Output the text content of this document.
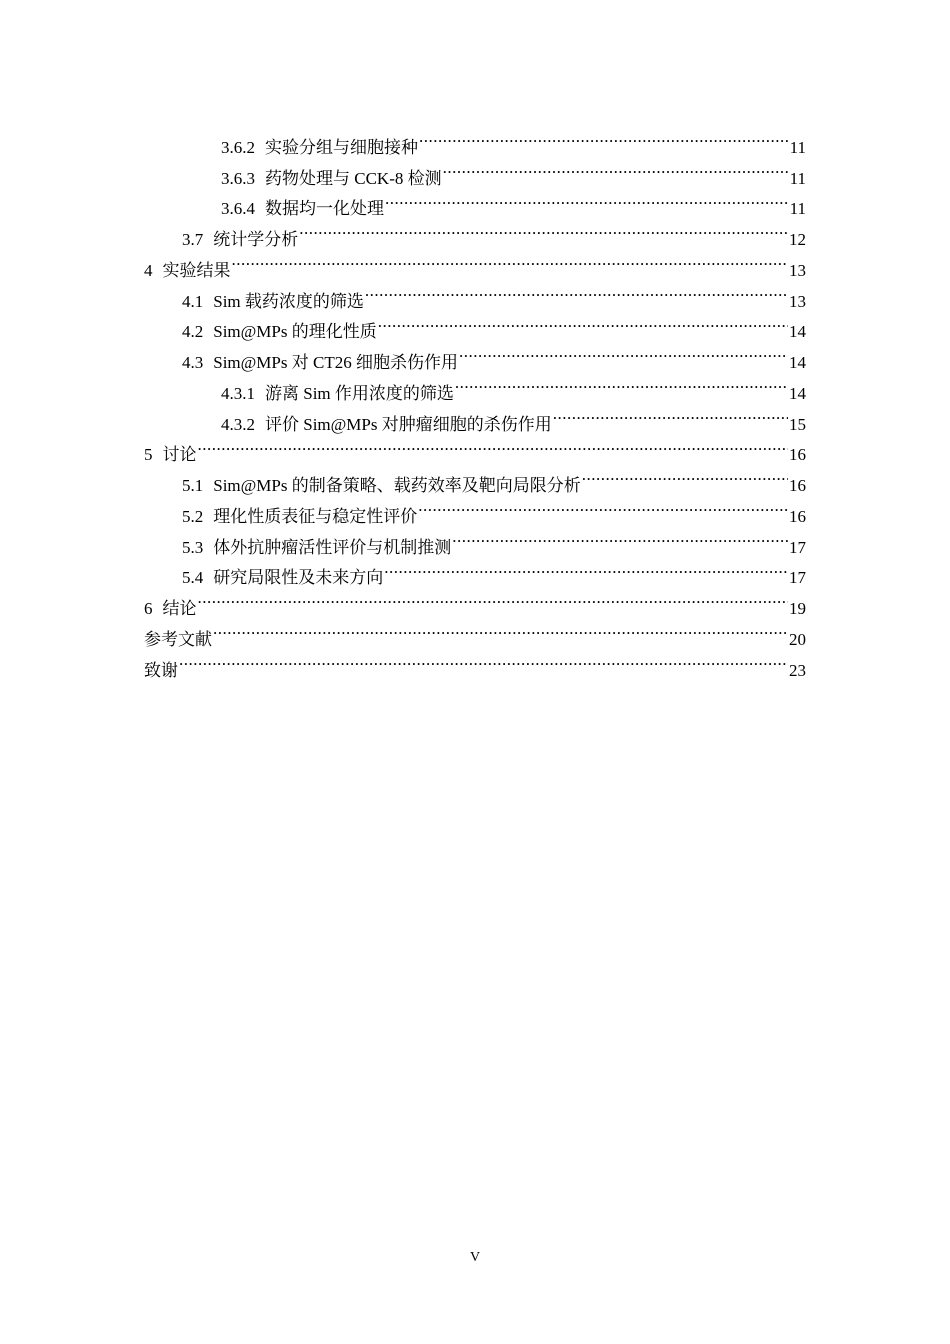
3.6.2 实验分组与细胞接种 .....	11
3.6.3 药物处理与 CCK-8 检测 .....	11
3.6.4 数据均一化处理 .....	11
3.7 统计学分析 .....	12
4 实验结果 .....	13
4.1 Sim 载药浓度的筛选 .....	13
4.2 Sim@MPs 的理化性质 .....	14
4.3 Sim@MPs 对 CT26 细胞杀伤作用 .....	14
4.3.1 游离 Sim 作用浓度的筛选 .....	14
4.3.2 评价 Sim@MPs 对肿瘤细胞的杀伤作用 .....	15
5 讨论 .....	16
5.1 Sim@MPs 的制备策略、载药效率及靶向局限分析 .....	16
5.2 理化性质表征与稳定性评价 .....	16
5.3 体外抗肿瘤活性评价与机制推测 .....	17
5.4 研究局限性及未来方向 .....	17
6 结论 .....	19
参考文献 .....	20
致谢 .....	23
V
